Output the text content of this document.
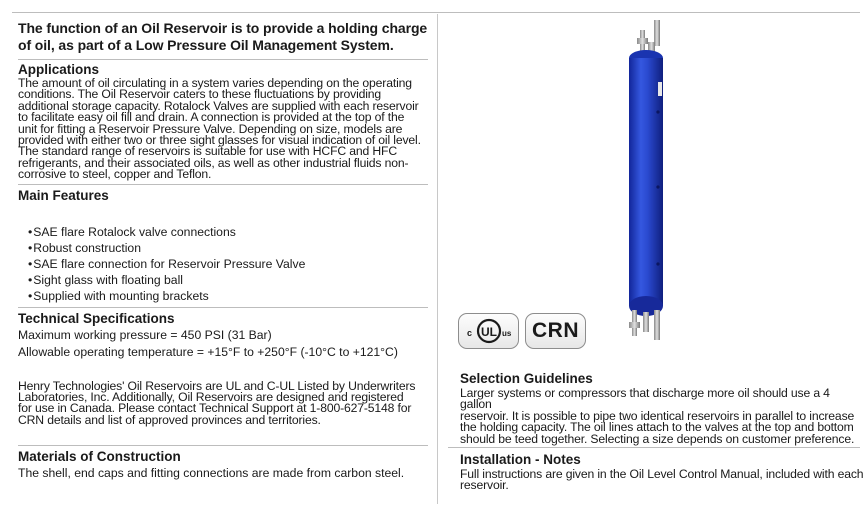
The function of an Oil Reservoir is to provide a holding charge of oil, as part of a Low Pressure Oil Management System.
Applications
The amount of oil circulating in a system varies depending on the operating
conditions. The Oil Reservoir caters to these fluctuations by providing
additional storage capacity. Rotalock Valves are supplied with each reservoir
to facilitate easy oil fill and drain. A connection is provided at the top of the
unit for fitting a Reservoir Pressure Valve. Depending on size, models are
provided with either two or three sight glasses for visual indication of oil level.
The standard range of reservoirs is suitable for use with HCFC and HFC
refrigerants, and their associated oils, as well as other industrial fluids non-
corrosive to steel, copper and Teflon.
Main Features
• SAE flare Rotalock valve connections
• Robust construction
• SAE flare connection for Reservoir Pressure Valve
• Sight glass with floating ball
• Supplied with mounting brackets
Technical Specifications
Maximum working pressure = 450 PSI (31 Bar)
Allowable operating temperature = +15°F to +250°F (-10°C to +121°C)
Henry Technologies' Oil Reservoirs are UL and C-UL Listed by Underwriters
Laboratories, Inc. Additionally, Oil Reservoirs are designed and registered
for use in Canada. Please contact Technical Support at 1-800-627-5148 for
CRN details and list of approved provinces and territories.
Materials of Construction
The shell, end caps and fitting connections are made from carbon steel.
c UL us	CRN
Selection Guidelines
Larger systems or compressors that discharge more oil should use a 4 gallon
reservoir. It is possible to pipe two identical reservoirs in parallel to increase
the holding capacity. The oil lines attach to the valves at the top and bottom
should be teed together. Selecting a size depends on customer preference.
Installation - Notes
Full instructions are given in the Oil Level Control Manual, included with each
reservoir.
